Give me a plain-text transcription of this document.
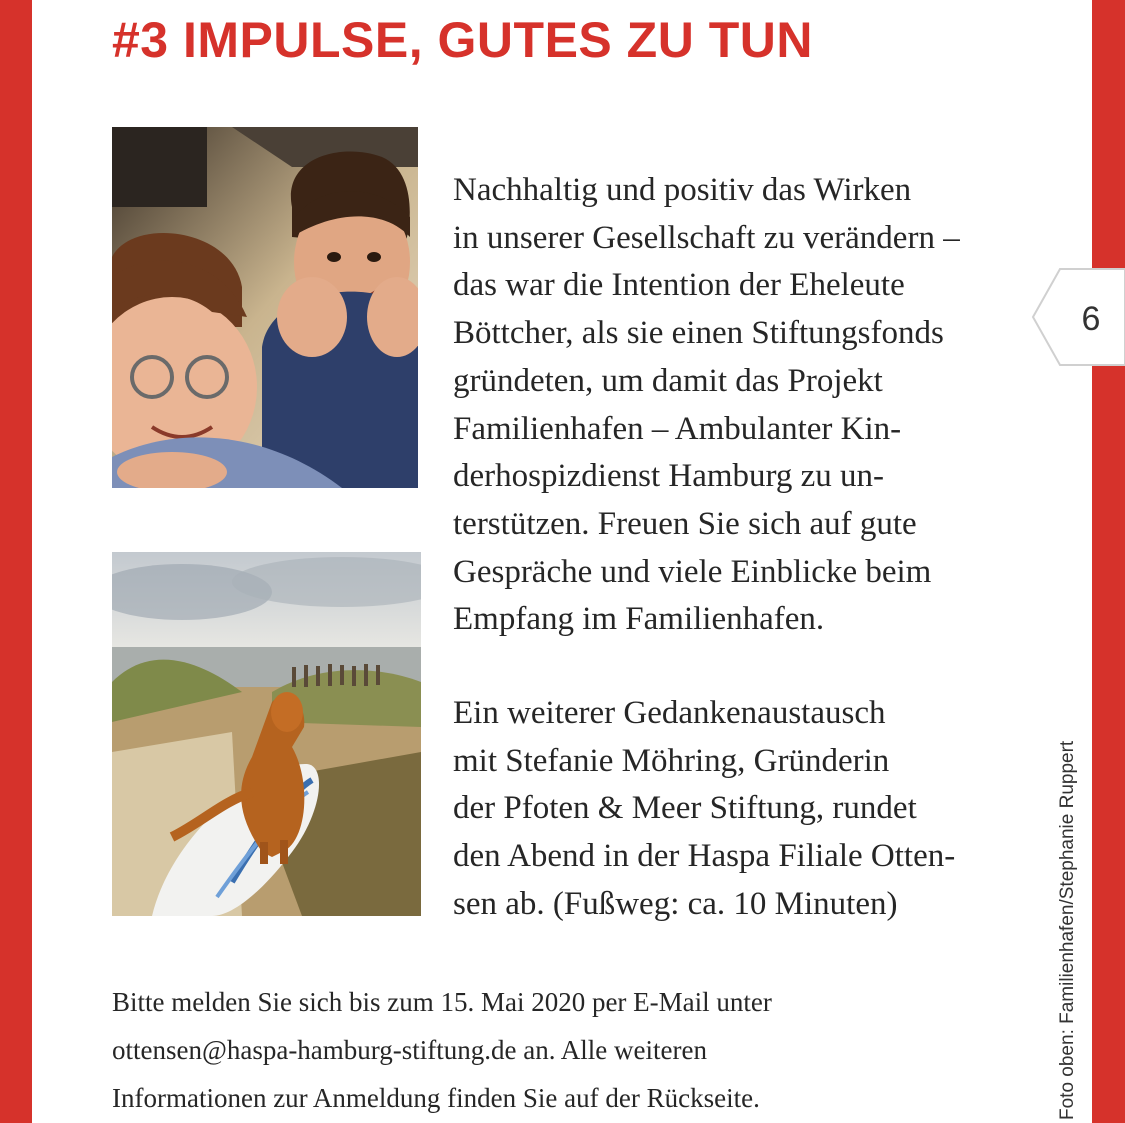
#3 IMPULSE, GUTES ZU TUN

Nachhaltig und positiv das Wirken
in unserer Gesellschaft zu verändern –
das war die Intention der Eheleute
Böttcher, als sie einen Stiftungsfonds
gründeten, um damit das Projekt
Familienhafen – Ambulanter Kin-
derhospizdienst Hamburg zu un-
terstützen. Freuen Sie sich auf gute
Gespräche und viele Einblicke beim
Empfang im Familienhafen.

Ein weiterer Gedankenaustausch
mit Stefanie Möhring, Gründerin
der Pfoten & Meer Stiftung, rundet
den Abend in der Haspa Filiale Otten-
sen ab. (Fußweg: ca. 10 Minuten)

Bitte melden Sie sich bis zum 15. Mai 2020 per E-Mail unter
ottensen@haspa-hamburg-stiftung.de an. Alle weiteren
Informationen zur Anmeldung finden Sie auf der Rückseite.

6
Foto oben: Familienhafen/Stephanie Ruppert
